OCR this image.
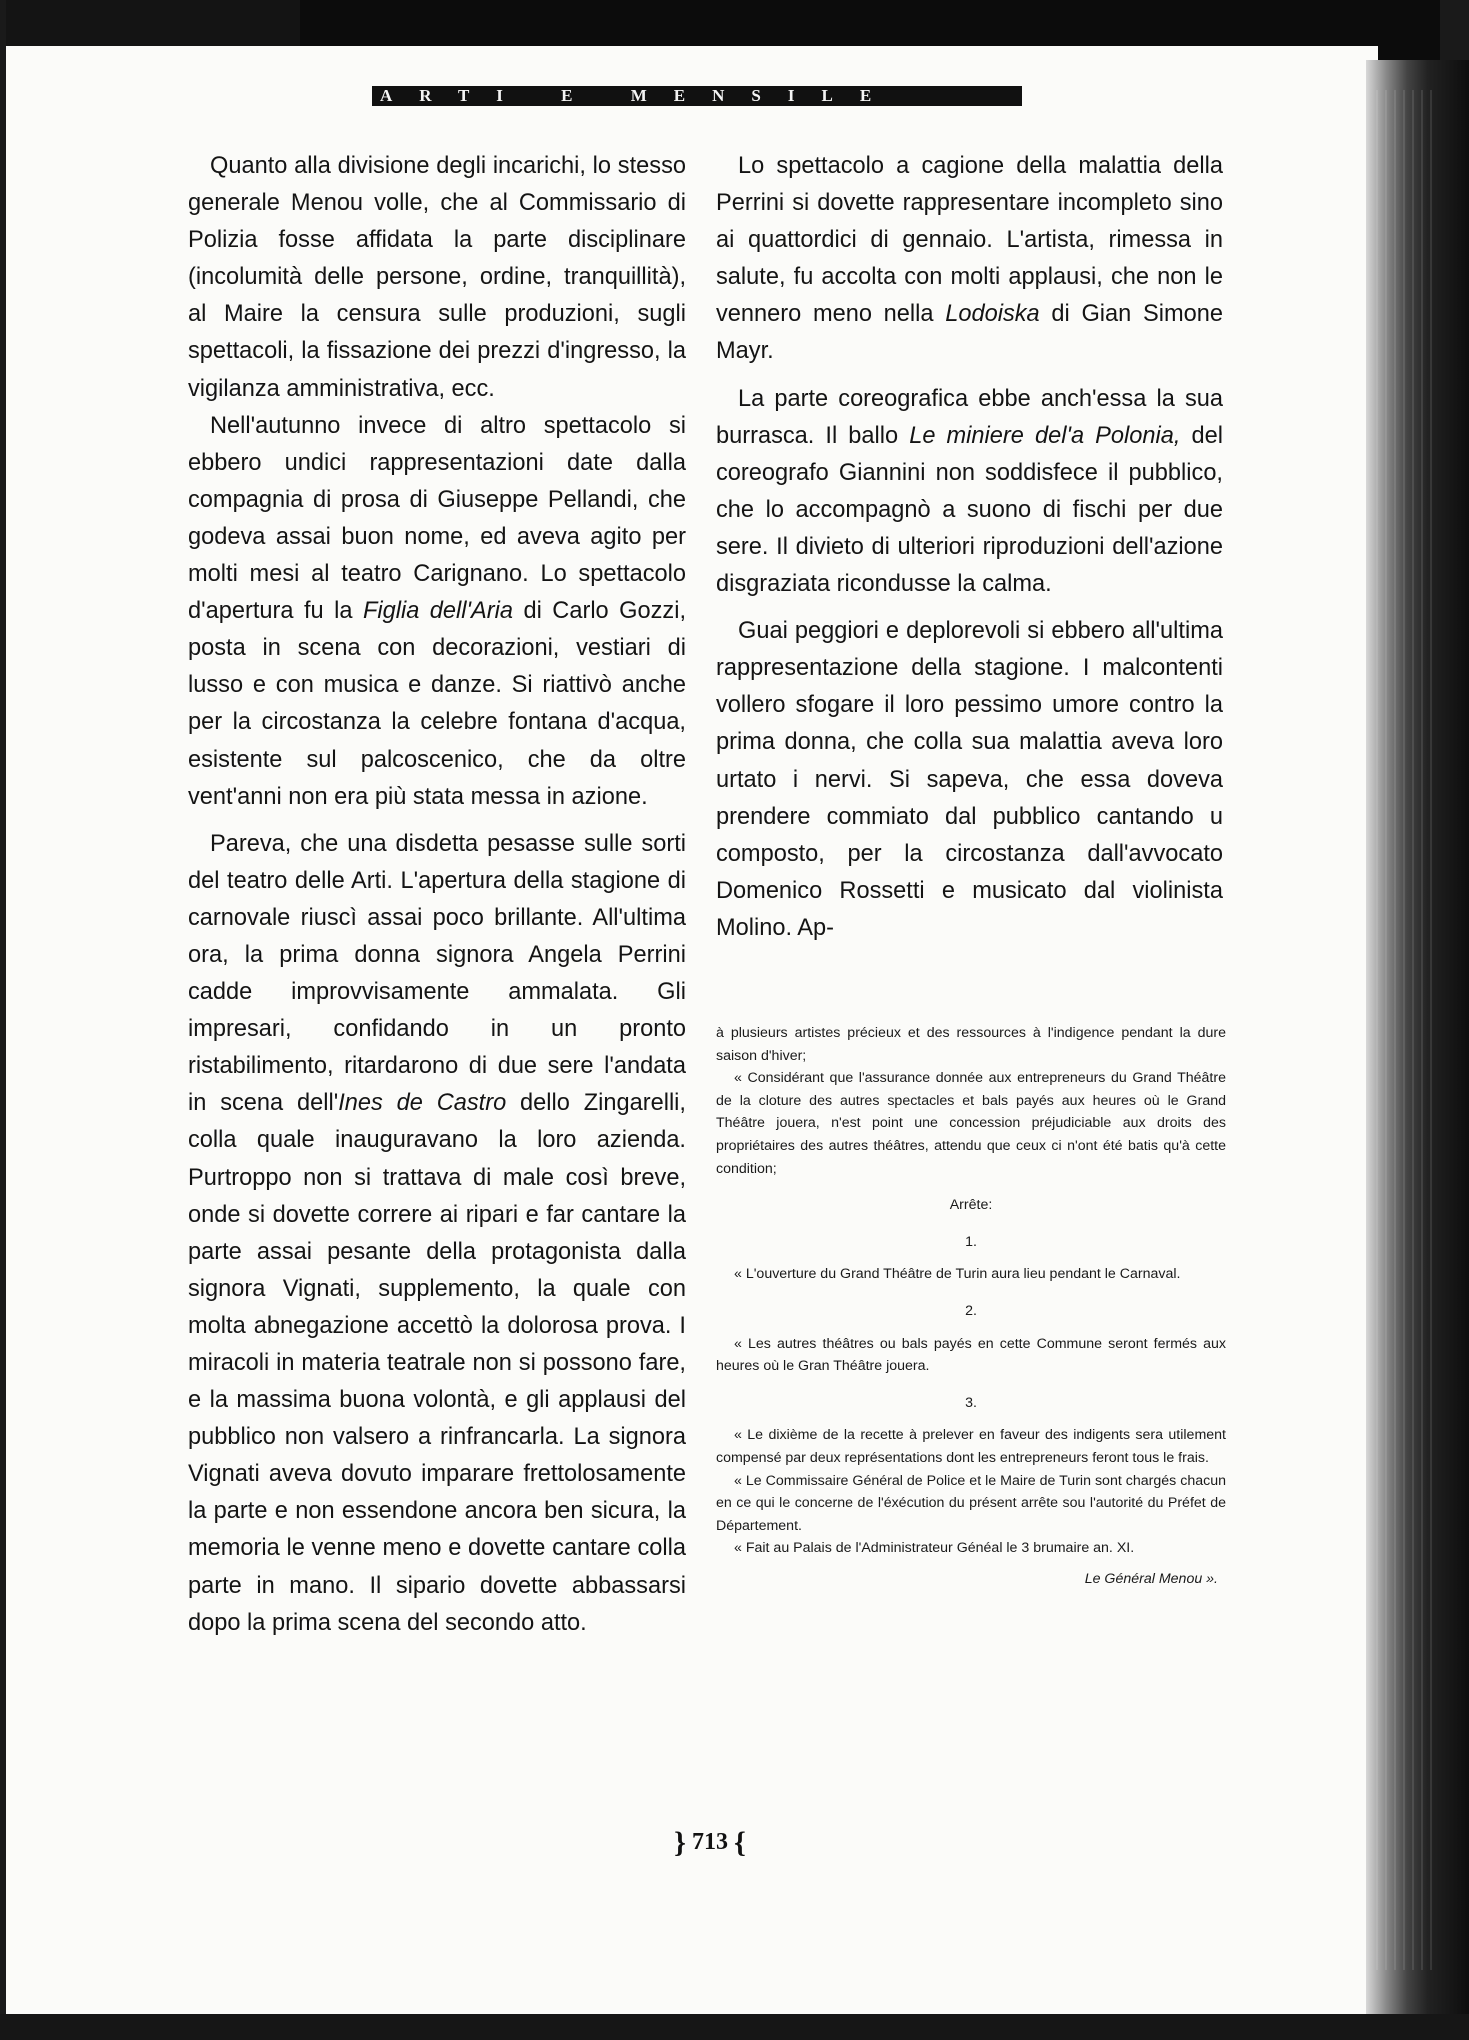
ARTI E MENSILE

Quanto alla divisione degli incarichi, lo stesso generale Menou volle, che al Commissario di Polizia fosse affidata la parte disciplinare (incolumità delle persone, ordine, tranquillità), al Maire la censura sulle produzioni, sugli spettacoli, la fissazione dei prezzi d'ingresso, la vigilanza amministrativa, ecc.

Nell'autunno invece di altro spettacolo si ebbero undici rappresentazioni date dalla compagnia di prosa di Giuseppe Pellandi, che godeva assai buon nome, ed aveva agito per molti mesi al teatro Carignano. Lo spettacolo d'apertura fu la Figlia dell'Aria di Carlo Gozzi, posta in scena con decorazioni, vestiari di lusso e con musica e danze. Si riattivò anche per la circostanza la celebre fontana d'acqua, esistente sul palcoscenico, che da oltre vent'anni non era più stata messa in azione.

Pareva, che una disdetta pesasse sulle sorti del teatro delle Arti. L'apertura della stagione di carnovale riuscì assai poco brillante. All'ultima ora, la prima donna signora Angela Perrini cadde improvvisamente ammalata. Gli impresari, confidando in un pronto ristabilimento, ritardarono di due sere l'andata in scena dell'Ines de Castro dello Zingarelli, colla quale inauguravano la loro azienda. Purtroppo non si trattava di male così breve, onde si dovette correre ai ripari e far cantare la parte assai pesante della protagonista dalla signora Vignati, supplemento, la quale con molta abnegazione accettò la dolorosa prova. I miracoli in materia teatrale non si possono fare, e la massima buona volontà, e gli applausi del pubblico non valsero a rinfrancarla. La signora Vignati aveva dovuto imparare frettolosamente la parte e non essendone ancora ben sicura, la memoria le venne meno e dovette cantare colla parte in mano. Il sipario dovette abbassarsi dopo la prima scena del secondo atto.

Lo spettacolo a cagione della malattia della Perrini si dovette rappresentare incompleto sino ai quattordici di gennaio. L'artista, rimessa in salute, fu accolta con molti applausi, che non le vennero meno nella Lodoiska di Gian Simone Mayr.

La parte coreografica ebbe anch'essa la sua burrasca. Il ballo Le miniere del'a Polonia, del coreografo Giannini non soddisfece il pubblico, che lo accompagnò a suono di fischi per due sere. Il divieto di ulteriori riproduzioni dell'azione disgraziata ricondusse la calma.

Guai peggiori e deplorevoli si ebbero all'ultima rappresentazione della stagione. I malcontenti vollero sfogare il loro pessimo umore contro la prima donna, che colla sua malattia aveva loro urtato i nervi. Si sapeva, che essa doveva prendere commiato dal pubblico cantando u composto, per la circostanza dall'avvocato Domenico Rossetti e musicato dal violinista Molino. Ap-

à plusieurs artistes précieux et des ressources à l'indigence pendant la dure saison d'hiver;

« Considérant que l'assurance donnée aux entrepreneurs du Grand Théâtre de la cloture des autres spectacles et bals payés aux heures où le Grand Théâtre jouera, n'est point une concession préjudiciable aux droits des propriétaires des autres théâtres, attendu que ceux ci n'ont été batis qu'à cette condition;

Arrête:

1.

« L'ouverture du Grand Théâtre de Turin aura lieu pendant le Carnaval.

2.

« Les autres théâtres ou bals payés en cette Commune seront fermés aux heures où le Gran Théâtre jouera.

3.

« Le dixième de la recette à prelever en faveur des indigents sera utilement compensé par deux représentations dont les entrepreneurs feront tous le frais.

« Le Commissaire Général de Police et le Maire de Turin sont chargés chacun en ce qui le concerne de l'éxécution du présent arrête sou l'autorité du Préfet de Département.

« Fait au Palais de l'Administrateur Généal le 3 brumaire an. XI.

Le Général Menou ».

} 713 {
